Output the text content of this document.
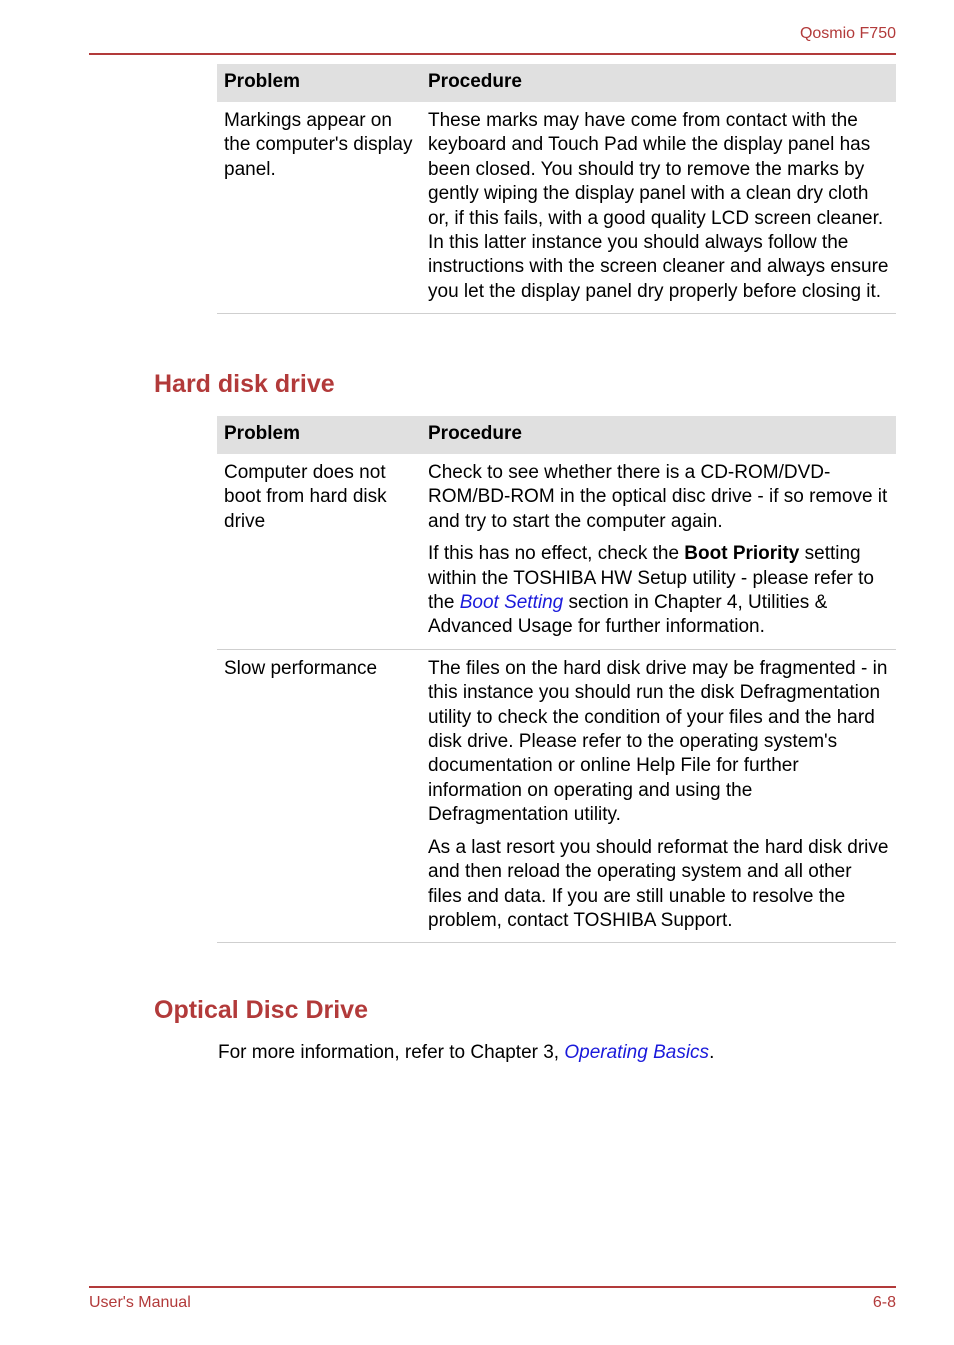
Qosmio F750
Problem	Procedure
Markings appear on the computer's display panel.	These marks may have come from contact with the keyboard and Touch Pad while the display panel has been closed. You should try to remove the marks by gently wiping the display panel with a clean dry cloth or, if this fails, with a good quality LCD screen cleaner. In this latter instance you should always follow the instructions with the screen cleaner and always ensure you let the display panel dry properly before closing it.
Hard disk drive
Problem	Procedure
Computer does not boot from hard disk drive	Check to see whether there is a CD-ROM/DVD-ROM/BD-ROM in the optical disc drive - if so remove it and try to start the computer again.

If this has no effect, check the Boot Priority setting within the TOSHIBA HW Setup utility - please refer to the Boot Setting section in Chapter 4, Utilities & Advanced Usage for further information.

Slow performance	The files on the hard disk drive may be fragmented - in this instance you should run the disk Defragmentation utility to check the condition of your files and the hard disk drive. Please refer to the operating system's documentation or online Help File for further information on operating and using the Defragmentation utility.

As a last resort you should reformat the hard disk drive and then reload the operating system and all other files and data. If you are still unable to resolve the problem, contact TOSHIBA Support.

Optical Disc Drive
For more information, refer to Chapter 3, Operating Basics.
User's Manual	6-8
